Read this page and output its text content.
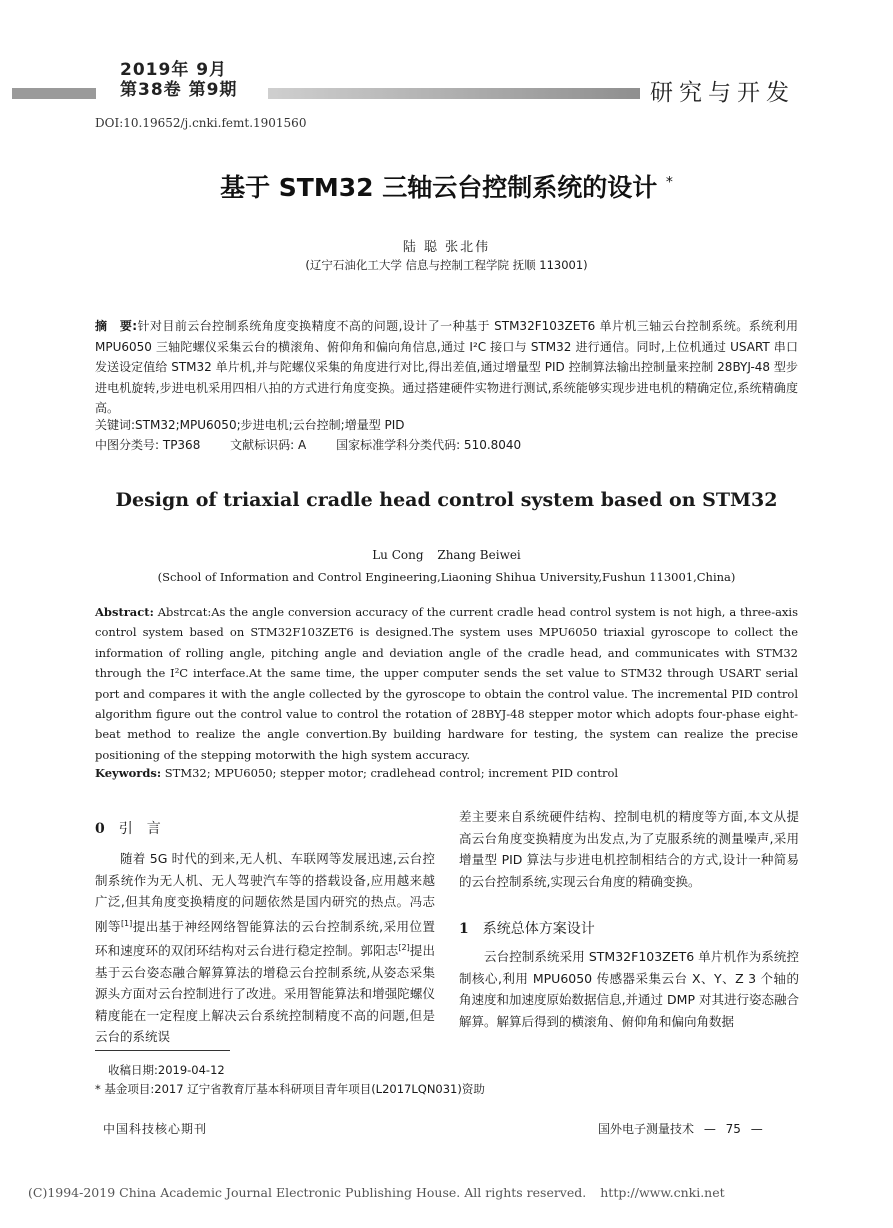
2019年 9月
第38卷 第9期	研究与开发
DOI:10.19652/j.cnki.femt.1901560
基于 STM32 三轴云台控制系统的设计 *
陆 聪 张北伟
(辽宁石油化工大学 信息与控制工程学院 抚顺 113001)
摘　要:针对目前云台控制系统角度变换精度不高的问题,设计了一种基于 STM32F103ZET6 单片机三轴云台控制系统。系统利用 MPU6050 三轴陀螺仪采集云台的横滚角、俯仰角和偏向角信息,通过 I²C 接口与 STM32 进行通信。同时,上位机通过 USART 串口发送设定值给 STM32 单片机,并与陀螺仪采集的角度进行对比,得出差值,通过增量型 PID 控制算法输出控制量来控制 28BYJ-48 型步进电机旋转,步进电机采用四相八拍的方式进行角度变换。通过搭建硬件实物进行测试,系统能够实现步进电机的精确定位,系统精确度高。
关键词:STM32;MPU6050;步进电机;云台控制;增量型 PID
中图分类号: TP368 文献标识码: A 国家标准学科分类代码: 510.8040
Design of triaxial cradle head control system based on STM32
Lu Cong Zhang Beiwei
(School of Information and Control Engineering,Liaoning Shihua University,Fushun 113001,China)
Abstract: Abstrcat:As the angle conversion accuracy of the current cradle head control system is not high, a three-axis control system based on STM32F103ZET6 is designed.The system uses MPU6050 triaxial gyroscope to collect the information of rolling angle, pitching angle and deviation angle of the cradle head, and communicates with STM32 through the I²C interface.At the same time, the upper computer sends the set value to STM32 through USART serial port and compares it with the angle collected by the gyroscope to obtain the control value. The incremental PID control algorithm figure out the control value to control the rotation of 28BYJ-48 stepper motor which adopts four-phase eight-beat method to realize the angle convertion.By building hardware for testing, the system can realize the precise positioning of the stepping motorwith the high system accuracy.
Keywords: STM32; MPU6050; stepper motor; cradlehead control; increment PID control
0 引　言
随着 5G 时代的到来,无人机、车联网等发展迅速,云台控制系统作为无人机、无人驾驶汽车等的搭载设备,应用越来越广泛,但其角度变换精度的问题依然是国内研究的热点。冯志刚等[1]提出基于神经网络智能算法的云台控制系统,采用位置环和速度环的双闭环结构对云台进行稳定控制。郭阳志[2]提出基于云台姿态融合解算算法的增稳云台控制系统,从姿态采集源头方面对云台控制进行了改进。采用智能算法和增强陀螺仪精度能在一定程度上解决云台系统控制精度不高的问题,但是云台的系统误
差主要来自系统硬件结构、控制电机的精度等方面,本文从提高云台角度变换精度为出发点,为了克服系统的测量噪声,采用增量型 PID 算法与步进电机控制相结合的方式,设计一种简易的云台控制系统,实现云台角度的精确变换。
1 系统总体方案设计
云台控制系统采用 STM32F103ZET6 单片机作为系统控制核心,利用 MPU6050 传感器采集云台 X、Y、Z 3 个轴的角速度和加速度原始数据信息,并通过 DMP 对其进行姿态融合解算。解算后得到的横滚角、俯仰角和偏向角数据
收稿日期:2019-04-12
* 基金项目:2017 辽宁省教育厅基本科研项目青年项目(L2017LQN031)资助
中国科技核心期刊	国外电子测量技术 — 75 —
(C)1994-2019 China Academic Journal Electronic Publishing House. All rights reserved. http://www.cnki.net
